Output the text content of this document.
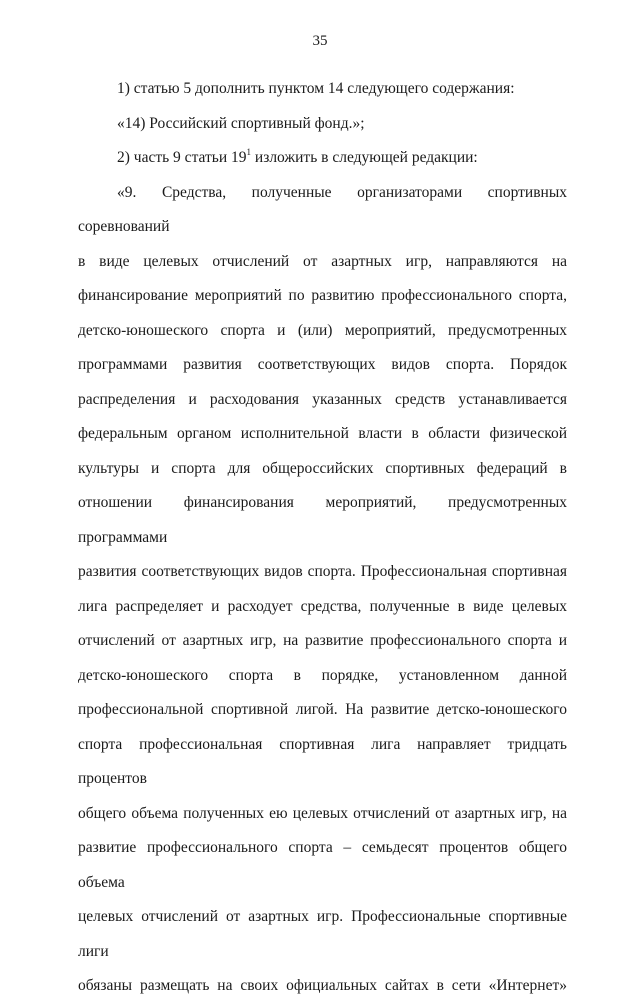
35

1) статью 5 дополнить пунктом 14 следующего содержания:

«14) Российский спортивный фонд.»;

2) часть 9 статьи $19^1$ изложить в следующей редакции:

«9. Средства, полученные организаторами спортивных соревнований
в виде целевых отчислений от азартных игр, направляются на
финансирование мероприятий по развитию профессионального спорта,
детско-юношеского спорта и (или) мероприятий, предусмотренных
программами развития соответствующих видов спорта. Порядок
распределения и расходования указанных средств устанавливается
федеральным органом исполнительной власти в области физической
культуры и спорта для общероссийских спортивных федераций в
отношении финансирования мероприятий, предусмотренных программами
развития соответствующих видов спорта. Профессиональная спортивная
лига распределяет и расходует средства, полученные в виде целевых
отчислений от азартных игр, на развитие профессионального спорта и
детско-юношеского спорта в порядке, установленном данной
профессиональной спортивной лигой. На развитие детско-юношеского
спорта профессиональная спортивная лига направляет тридцать процентов
общего объема полученных ею целевых отчислений от азартных игр, на
развитие профессионального спорта – семьдесят процентов общего объема
целевых отчислений от азартных игр. Профессиональные спортивные лиги
обязаны размещать на своих официальных сайтах в сети «Интернет»
